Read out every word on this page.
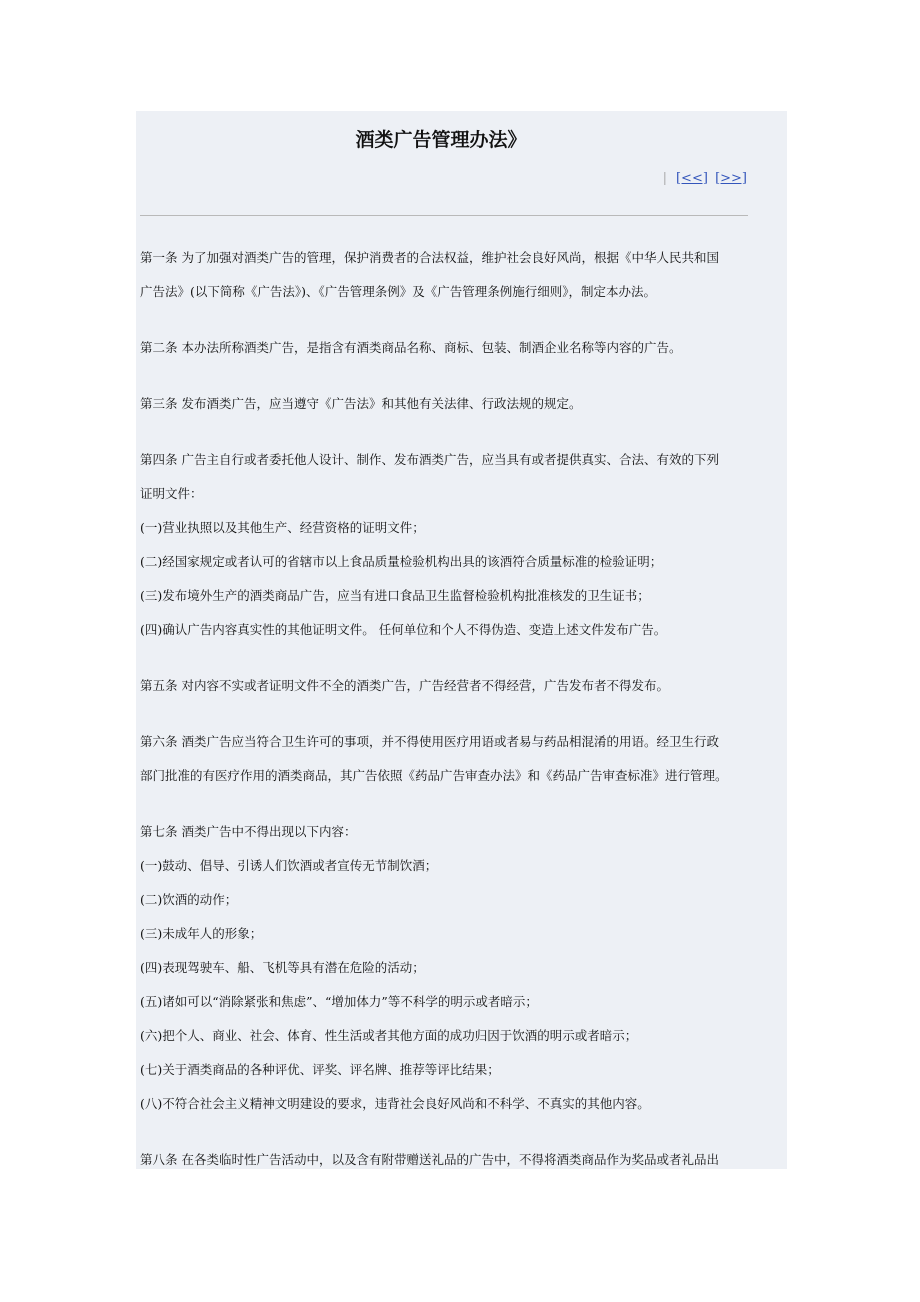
酒类广告管理办法》
| [<<] [>>]

第一条 为了加强对酒类广告的管理，保护消费者的合法权益，维护社会良好风尚，根据《中华人民共和国

广告法》(以下简称《广告法》)、《广告管理条例》及《广告管理条例施行细则》，制定本办法。

第二条 本办法所称酒类广告，是指含有酒类商品名称、商标、包装、制酒企业名称等内容的广告。

第三条 发布酒类广告，应当遵守《广告法》和其他有关法律、行政法规的规定。

第四条 广告主自行或者委托他人设计、制作、发布酒类广告，应当具有或者提供真实、合法、有效的下列

证明文件：

(一)营业执照以及其他生产、经营资格的证明文件；

(二)经国家规定或者认可的省辖市以上食品质量检验机构出具的该酒符合质量标准的检验证明；

(三)发布境外生产的酒类商品广告，应当有进口食品卫生监督检验机构批准核发的卫生证书；

(四)确认广告内容真实性的其他证明文件。 任何单位和个人不得伪造、变造上述文件发布广告。

第五条 对内容不实或者证明文件不全的酒类广告，广告经营者不得经营，广告发布者不得发布。

第六条 酒类广告应当符合卫生许可的事项，并不得使用医疗用语或者易与药品相混淆的用语。经卫生行政

部门批准的有医疗作用的酒类商品，其广告依照《药品广告审查办法》和《药品广告审查标准》进行管理。

第七条 酒类广告中不得出现以下内容：

(一)鼓动、倡导、引诱人们饮酒或者宣传无节制饮酒；

(二)饮酒的动作；

(三)未成年人的形象；

(四)表现驾驶车、船、飞机等具有潜在危险的活动；

(五)诸如可以“消除紧张和焦虑”、“增加体力”等不科学的明示或者暗示；

(六)把个人、商业、社会、体育、性生活或者其他方面的成功归因于饮酒的明示或者暗示；

(七)关于酒类商品的各种评优、评奖、评名牌、推荐等评比结果；

(八)不符合社会主义精神文明建设的要求，违背社会良好风尚和不科学、不真实的其他内容。

第八条 在各类临时性广告活动中，以及含有附带赠送礼品的广告中，不得将酒类商品作为奖品或者礼品出
